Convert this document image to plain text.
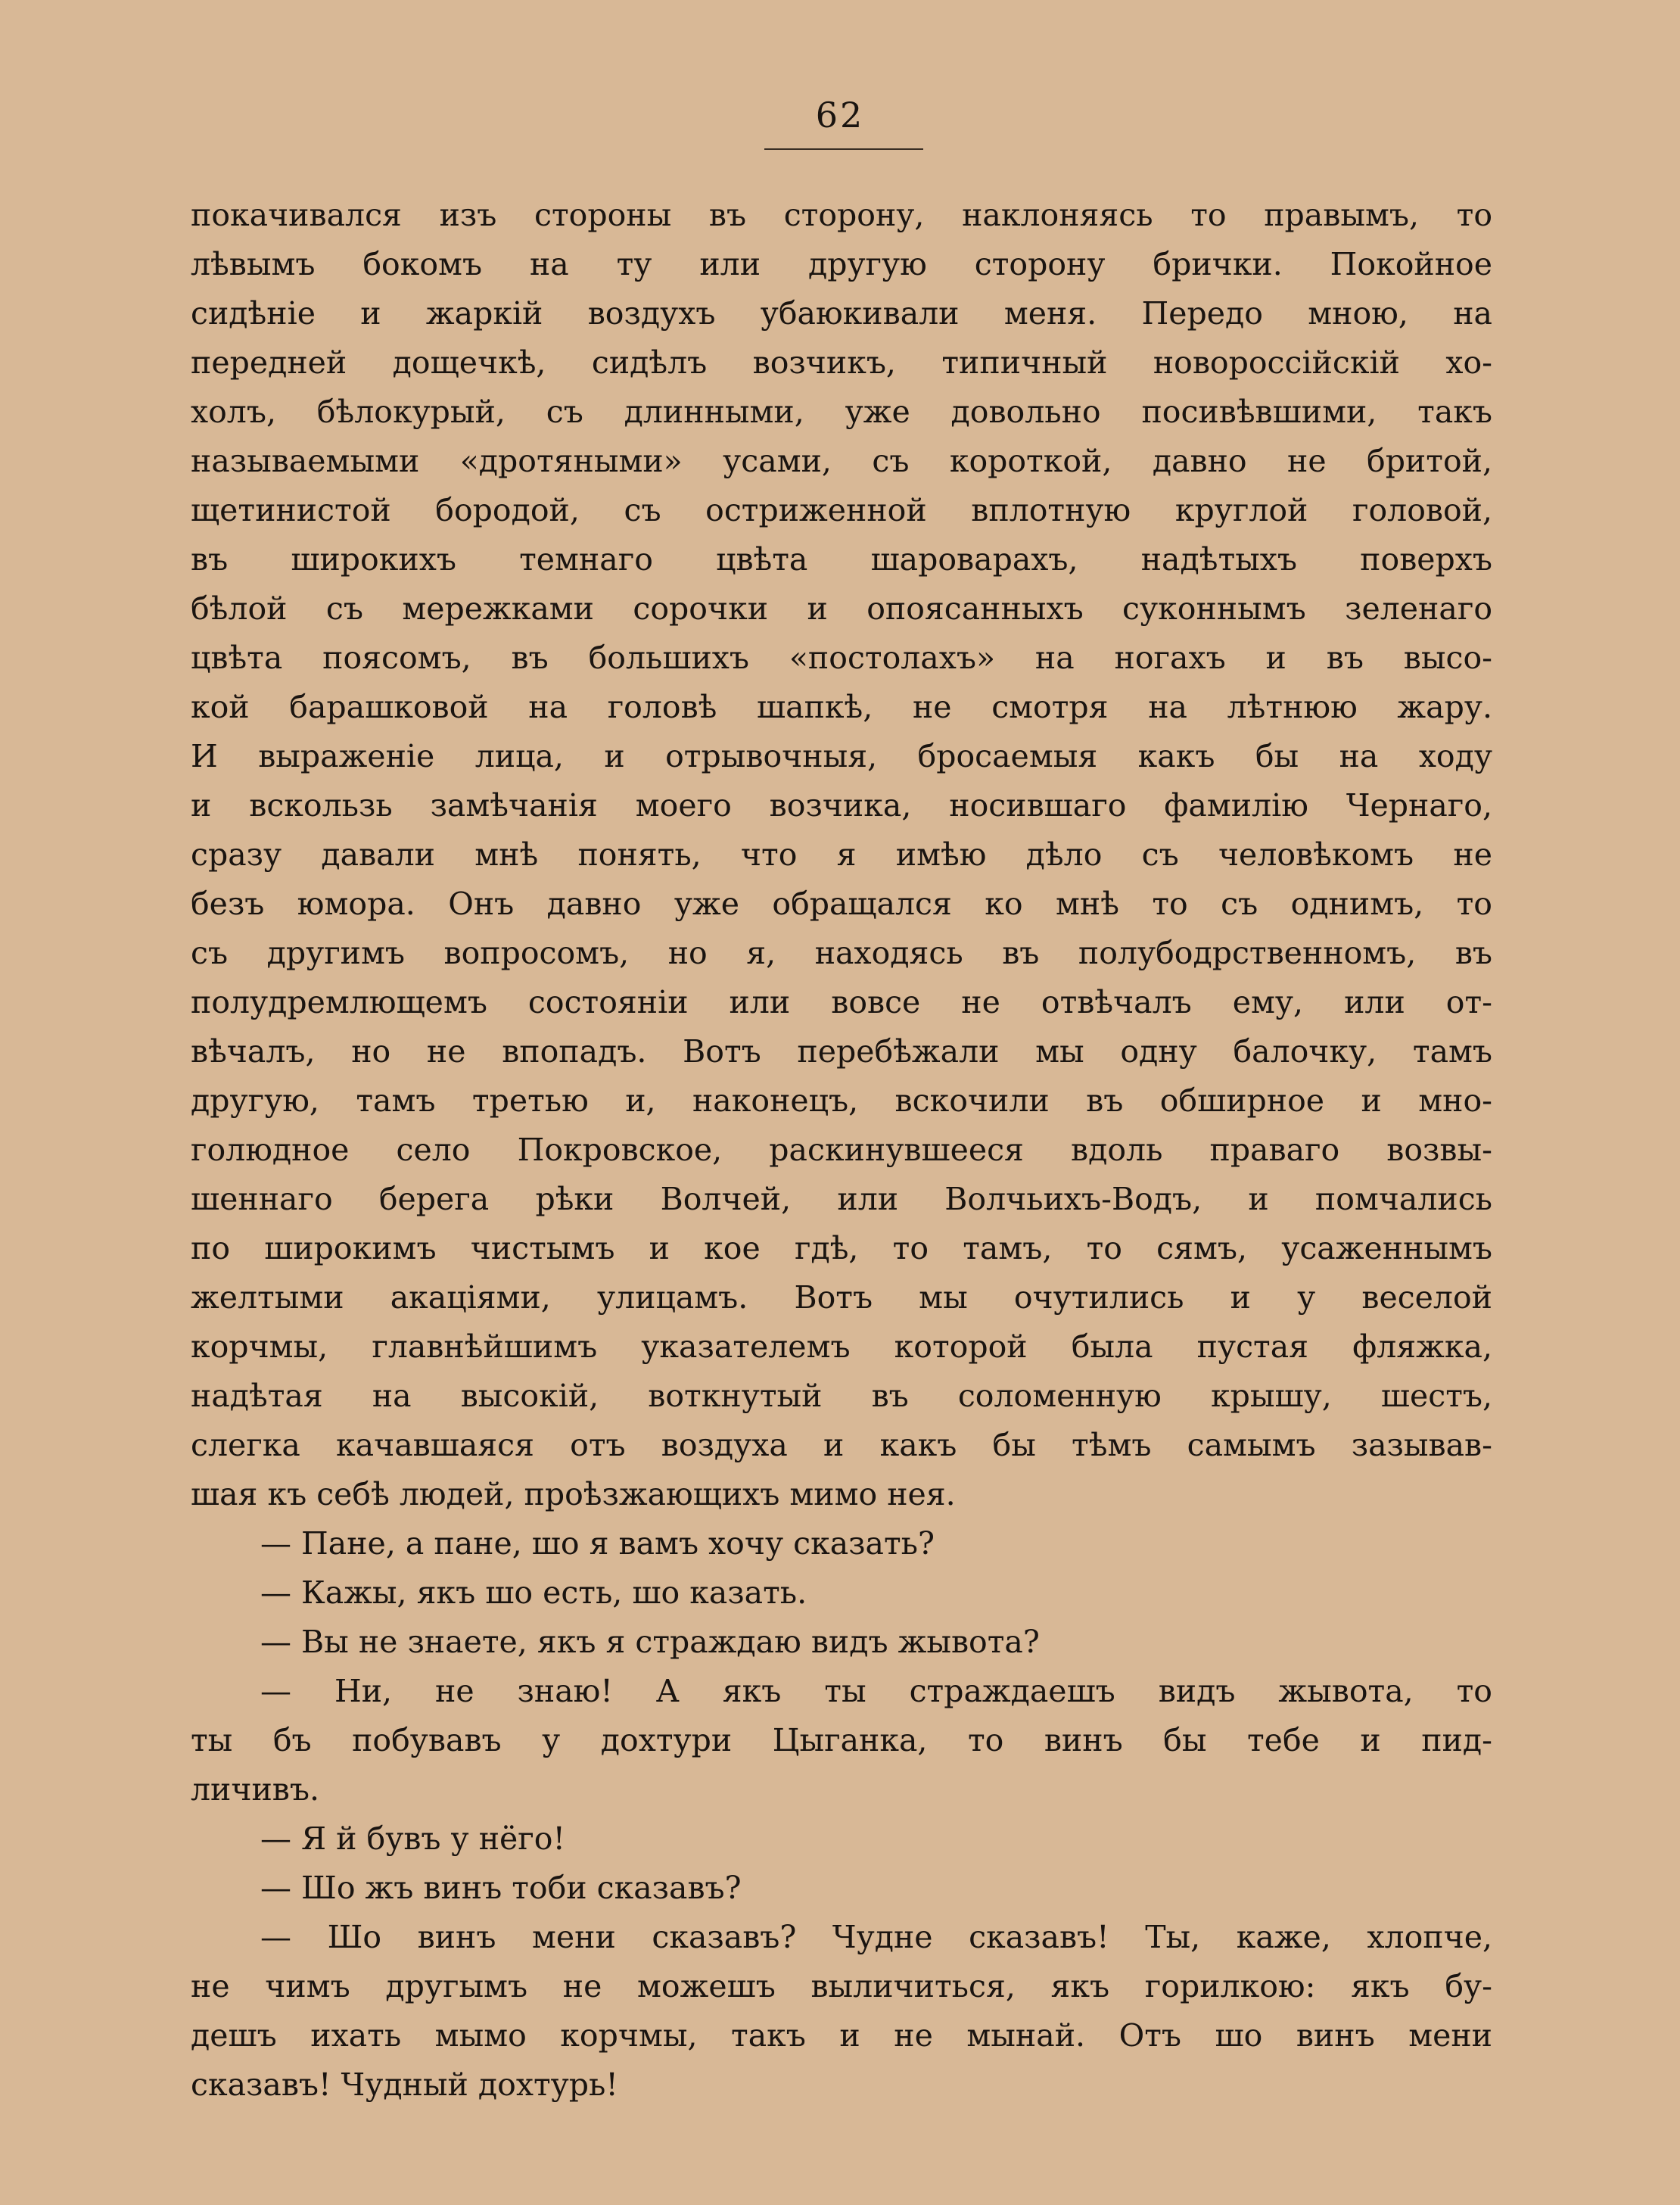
62
покачивался изъ стороны въ сторону, наклоняясь то правымъ, то
лѣвымъ бокомъ на ту или другую сторону брички. Покойное
сидѣніе и жаркій воздухъ убаюкивали меня. Передо мною, на
передней дощечкѣ, сидѣлъ возчикъ, типичный новороссійскій хо-
холъ, бѣлокурый, съ длинными, уже довольно посивѣвшими, такъ
называемыми «дротяными» усами, съ короткой, давно не бритой,
щетинистой бородой, съ остриженной вплотную круглой головой,
въ широкихъ темнаго цвѣта шароварахъ, надѣтыхъ поверхъ
бѣлой съ мережками сорочки и опоясанныхъ суконнымъ зеленаго
цвѣта поясомъ, въ большихъ «постолахъ» на ногахъ и въ высо-
кой барашковой на головѣ шапкѣ, не смотря на лѣтнюю жару.
И выраженіе лица, и отрывочныя, бросаемыя какъ бы на ходу
и вскользь замѣчанія моего возчика, носившаго фамилію Чернаго,
сразу давали мнѣ понять, что я имѣю дѣло съ человѣкомъ не
безъ юмора. Онъ давно уже обращался ко мнѣ то съ однимъ, то
съ другимъ вопросомъ, но я, находясь въ полубодрственномъ, въ
полудремлющемъ состояніи или вовсе не отвѣчалъ ему, или от-
вѣчалъ, но не впопадъ. Вотъ перебѣжали мы одну балочку, тамъ
другую, тамъ третью и, наконецъ, вскочили въ обширное и мно-
голюдное село Покровское, раскинувшееся вдоль праваго возвы-
шеннаго берега рѣки Волчей, или Волчьихъ-Водъ, и помчались
по широкимъ чистымъ и кое гдѣ, то тамъ, то сямъ, усаженнымъ
желтыми акаціями, улицамъ. Вотъ мы очутились и у веселой
корчмы, главнѣйшимъ указателемъ которой была пустая фляжка,
надѣтая на высокій, воткнутый въ соломенную крышу, шестъ,
слегка качавшаяся отъ воздуха и какъ бы тѣмъ самымъ зазывав-
шая къ себѣ людей, проѣзжающихъ мимо нея.
— Пане, а пане, шо я вамъ хочу сказать?
— Кажы, якъ шо есть, шо казать.
— Вы не знаете, якъ я страждаю видъ жывота?
— Ни, не знаю! А якъ ты страждаешъ видъ жывота, то
ты бъ побувавъ у дохтури Цыганка, то винъ бы тебе и пид-
личивъ.
— Я й бувъ у нёго!
— Шо жъ винъ тоби сказавъ?
— Шо винъ мени сказавъ? Чудне сказавъ! Ты, каже, хлопче,
не чимъ другымъ не можешъ выличиться, якъ горилкою: якъ бу-
дешъ ихать мымо корчмы, такъ и не мынай. Отъ шо винъ мени
сказавъ! Чудный дохтурь!
